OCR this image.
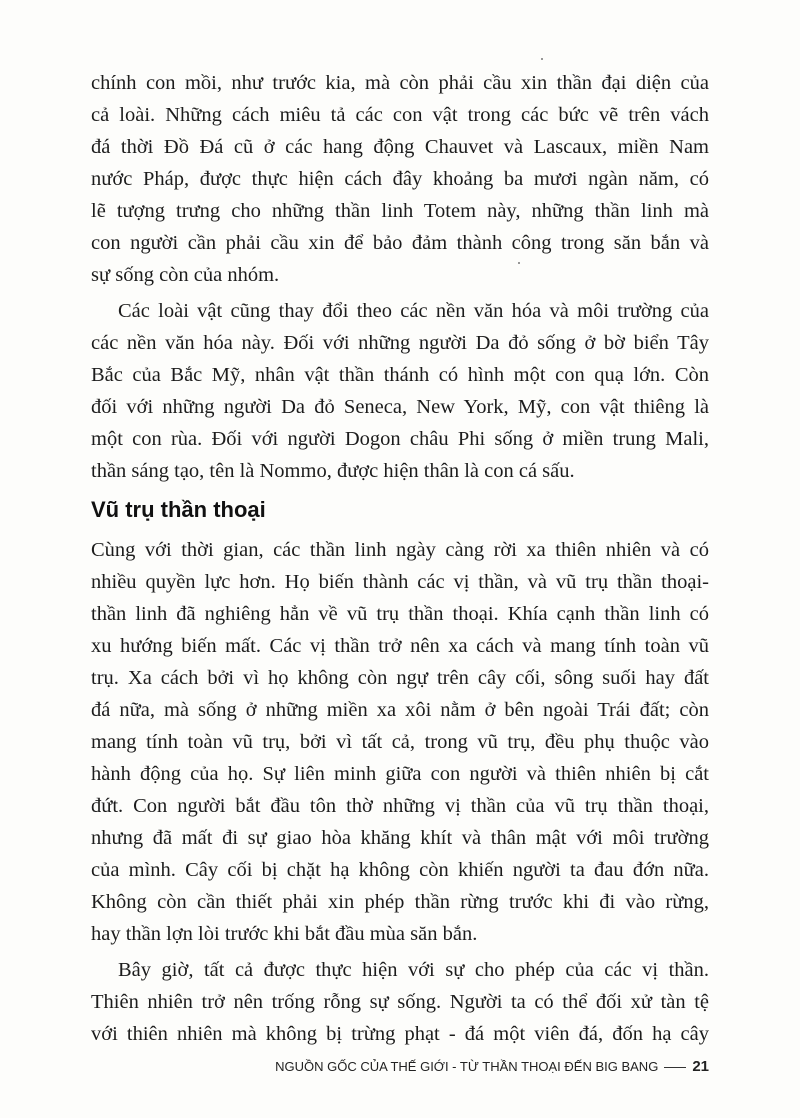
chính con mồi, như trước kia, mà còn phải cầu xin thần đại diện của
cả loài. Những cách miêu tả các con vật trong các bức vẽ trên vách
đá thời Đồ Đá cũ ở các hang động Chauvet và Lascaux, miền Nam
nước Pháp, được thực hiện cách đây khoảng ba mươi ngàn năm, có
lẽ tượng trưng cho những thần linh Totem này, những thần linh mà
con người cần phải cầu xin để bảo đảm thành công trong săn bắn và
sự sống còn của nhóm.
Các loài vật cũng thay đổi theo các nền văn hóa và môi trường của
các nền văn hóa này. Đối với những người Da đỏ sống ở bờ biển Tây
Bắc của Bắc Mỹ, nhân vật thần thánh có hình một con quạ lớn. Còn
đối với những người Da đỏ Seneca, New York, Mỹ, con vật thiêng là
một con rùa. Đối với người Dogon châu Phi sống ở miền trung Mali,
thần sáng tạo, tên là Nommo, được hiện thân là con cá sấu.
Vũ trụ thần thoại
Cùng với thời gian, các thần linh ngày càng rời xa thiên nhiên và có
nhiều quyền lực hơn. Họ biến thành các vị thần, và vũ trụ thần thoại-
thần linh đã nghiêng hẳn về vũ trụ thần thoại. Khía cạnh thần linh có
xu hướng biến mất. Các vị thần trở nên xa cách và mang tính toàn vũ
trụ. Xa cách bởi vì họ không còn ngự trên cây cối, sông suối hay đất
đá nữa, mà sống ở những miền xa xôi nằm ở bên ngoài Trái đất; còn
mang tính toàn vũ trụ, bởi vì tất cả, trong vũ trụ, đều phụ thuộc vào
hành động của họ. Sự liên minh giữa con người và thiên nhiên bị cắt
đứt. Con người bắt đầu tôn thờ những vị thần của vũ trụ thần thoại,
nhưng đã mất đi sự giao hòa khăng khít và thân mật với môi trường
của mình. Cây cối bị chặt hạ không còn khiến người ta đau đớn nữa.
Không còn cần thiết phải xin phép thần rừng trước khi đi vào rừng,
hay thần lợn lòi trước khi bắt đầu mùa săn bắn.
Bây giờ, tất cả được thực hiện với sự cho phép của các vị thần.
Thiên nhiên trở nên trống rỗng sự sống. Người ta có thể đối xử tàn tệ
với thiên nhiên mà không bị trừng phạt - đá một viên đá, đốn hạ cây
NGUỒN GỐC CỦA THẾ GIỚI - TỪ THẦN THOẠI ĐẾN BIG BANG 21
